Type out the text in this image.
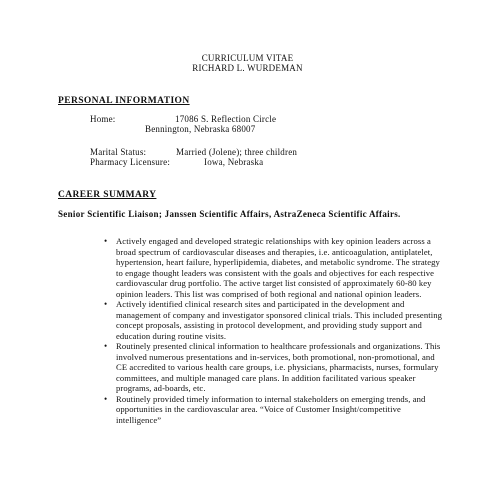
CURRICULUM VITAE
RICHARD L. WURDEMAN
PERSONAL INFORMATION
Home:	17086 S. Reflection Circle
Bennington, Nebraska 68007
Marital Status:	Married (Jolene); three children
Pharmacy Licensure:	Iowa, Nebraska
CAREER SUMMARY
Senior Scientific Liaison; Janssen Scientific Affairs, AstraZeneca Scientific Affairs.
• Actively engaged and developed strategic relationships with key opinion leaders across a broad spectrum of cardiovascular diseases and therapies, i.e. anticoagulation, antiplatelet, hypertension, heart failure, hyperlipidemia, diabetes, and metabolic syndrome. The strategy to engage thought leaders was consistent with the goals and objectives for each respective cardiovascular drug portfolio. The active target list consisted of approximately 60-80 key opinion leaders. This list was comprised of both regional and national opinion leaders.
• Actively identified clinical research sites and participated in the development and management of company and investigator sponsored clinical trials. This included presenting concept proposals, assisting in protocol development, and providing study support and education during routine visits.
• Routinely presented clinical information to healthcare professionals and organizations. This involved numerous presentations and in-services, both promotional, non-promotional, and CE accredited to various health care groups, i.e. physicians, pharmacists, nurses, formulary committees, and multiple managed care plans. In addition facilitated various speaker programs, ad-boards, etc.
• Routinely provided timely information to internal stakeholders on emerging trends, and opportunities in the cardiovascular area. “Voice of Customer Insight/competitive intelligence”
